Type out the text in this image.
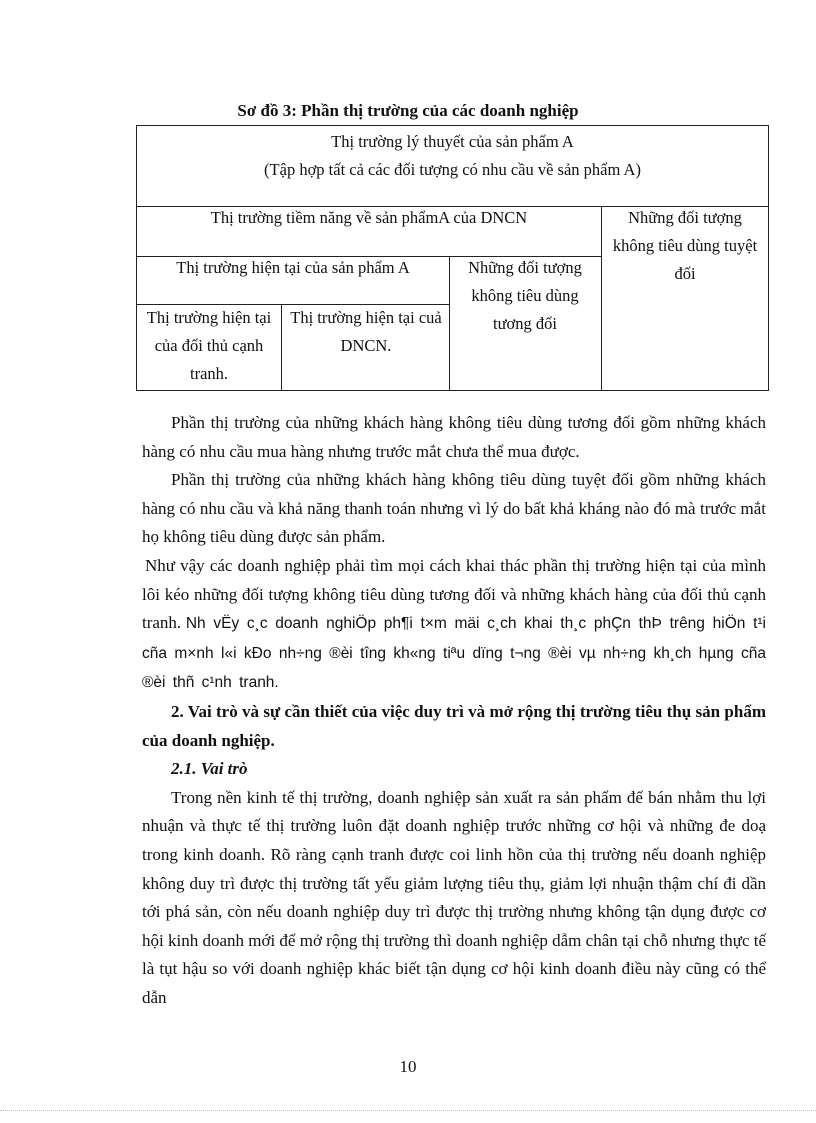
Sơ đồ 3: Phần thị trường của các doanh nghiệp
Thị trường lý thuyết của sản phẩm A
(Tập hợp tất cả các đối tượng có nhu cầu về sản phẩm A)
Thị trường tiềm năng về sản phẩmA của DNCN	Những đối tượng không tiêu dùng tuyệt đối
Thị trường hiện tại của sản phẩm A	Những đối tượng không tiêu dùng tương đối
Thị trường hiện tại của đối thủ cạnh tranh.
Thị trường hiện tại cuả DNCN.

Phần thị trường của những khách hàng không tiêu dùng tương đối gồm những khách hàng có nhu cầu mua hàng nhưng trước mắt chưa thể mua được.

Phần thị trường của những khách hàng không tiêu dùng tuyệt đối gồm những khách hàng có nhu cầu và khả năng thanh toán nhưng vì lý do bất khả kháng nào đó mà trước mắt họ không tiêu dùng được sản phẩm.

Như vậy các doanh nghiệp phải tìm mọi cách khai thác phần thị trường hiện tại của mình lôi kéo những đối tượng không tiêu dùng tương đối và những khách hàng của đối thủ cạnh tranh. Nh vËy c¸c doanh nghiÖp ph¶i t×m mäi c¸ch khai th¸c phÇn thÞ trêng hiÖn t¹i cña m×nh l«i kÐo nh÷ng ®èi tîng kh«ng tiªu dïng t¬ng ®èi vµ nh÷ng kh¸ch hµng cña ®èi thñ c¹nh tranh.

2. Vai trò và sự cần thiết của việc duy trì và mở rộng thị trường tiêu thụ sản phẩm của doanh nghiệp.

2.1. Vai trò

Trong nền kinh tế thị trường, doanh nghiệp sản xuất ra sản phẩm để bán nhằm thu lợi nhuận và thực tế thị trường luôn đặt doanh nghiệp trước những cơ hội và những đe doạ trong kinh doanh. Rõ ràng cạnh tranh được coi linh hồn của thị trường nếu doanh nghiệp không duy trì được thị trường tất yếu giảm lượng tiêu thụ, giảm lợi nhuận thậm chí đi dần tới phá sản, còn nếu doanh nghiệp duy trì được thị trường nhưng không tận dụng được cơ hội kinh doanh mới để mở rộng thị trường thì doanh nghiệp dẫm chân tại chỗ nhưng thực tế là tụt hậu so với doanh nghiệp khác biết tận dụng cơ hội kinh doanh điều này cũng có thể dẫn

10
